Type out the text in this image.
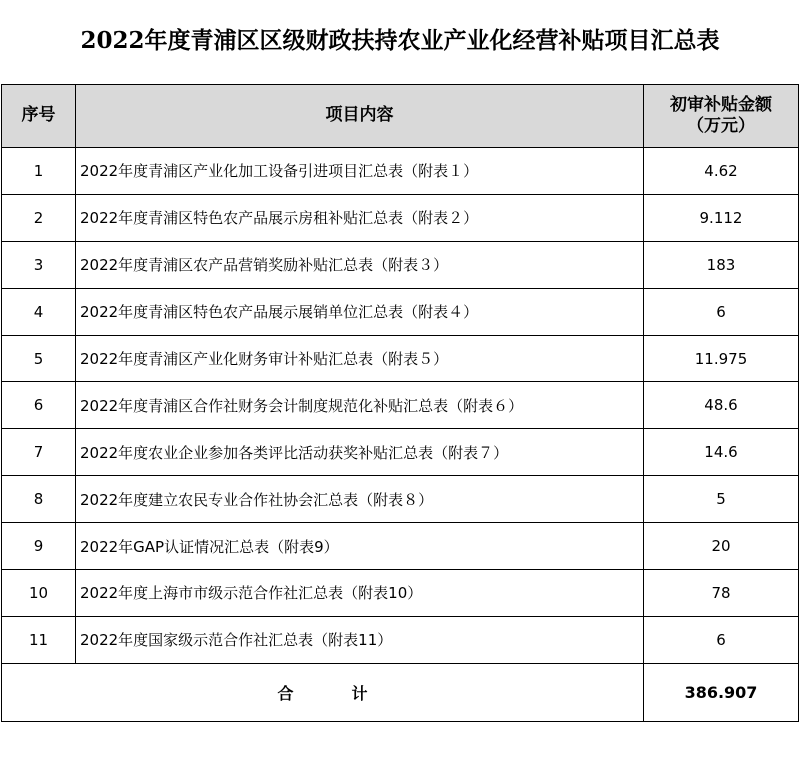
2022年度青浦区区级财政扶持农业产业化经营补贴项目汇总表
序号	项目内容	初审补贴金额
（万元）
1	2022年度青浦区产业化加工设备引进项目汇总表（附表１）	4.62
2	2022年度青浦区特色农产品展示房租补贴汇总表（附表２）	9.112
3	2022年度青浦区农产品营销奖励补贴汇总表（附表３）	183
4	2022年度青浦区特色农产品展示展销单位汇总表（附表４）	6
5	2022年度青浦区产业化财务审计补贴汇总表（附表５）	11.975
6	2022年度青浦区合作社财务会计制度规范化补贴汇总表（附表６）	48.6
7	2022年度农业企业参加各类评比活动获奖补贴汇总表（附表７）	14.6
8	2022年度建立农民专业合作社协会汇总表（附表８）	5
9	2022年GAP认证情况汇总表（附表9）	20
10	2022年度上海市市级示范合作社汇总表（附表10）	78
11	2022年度国家级示范合作社汇总表（附表11）	6
合 计		386.907
